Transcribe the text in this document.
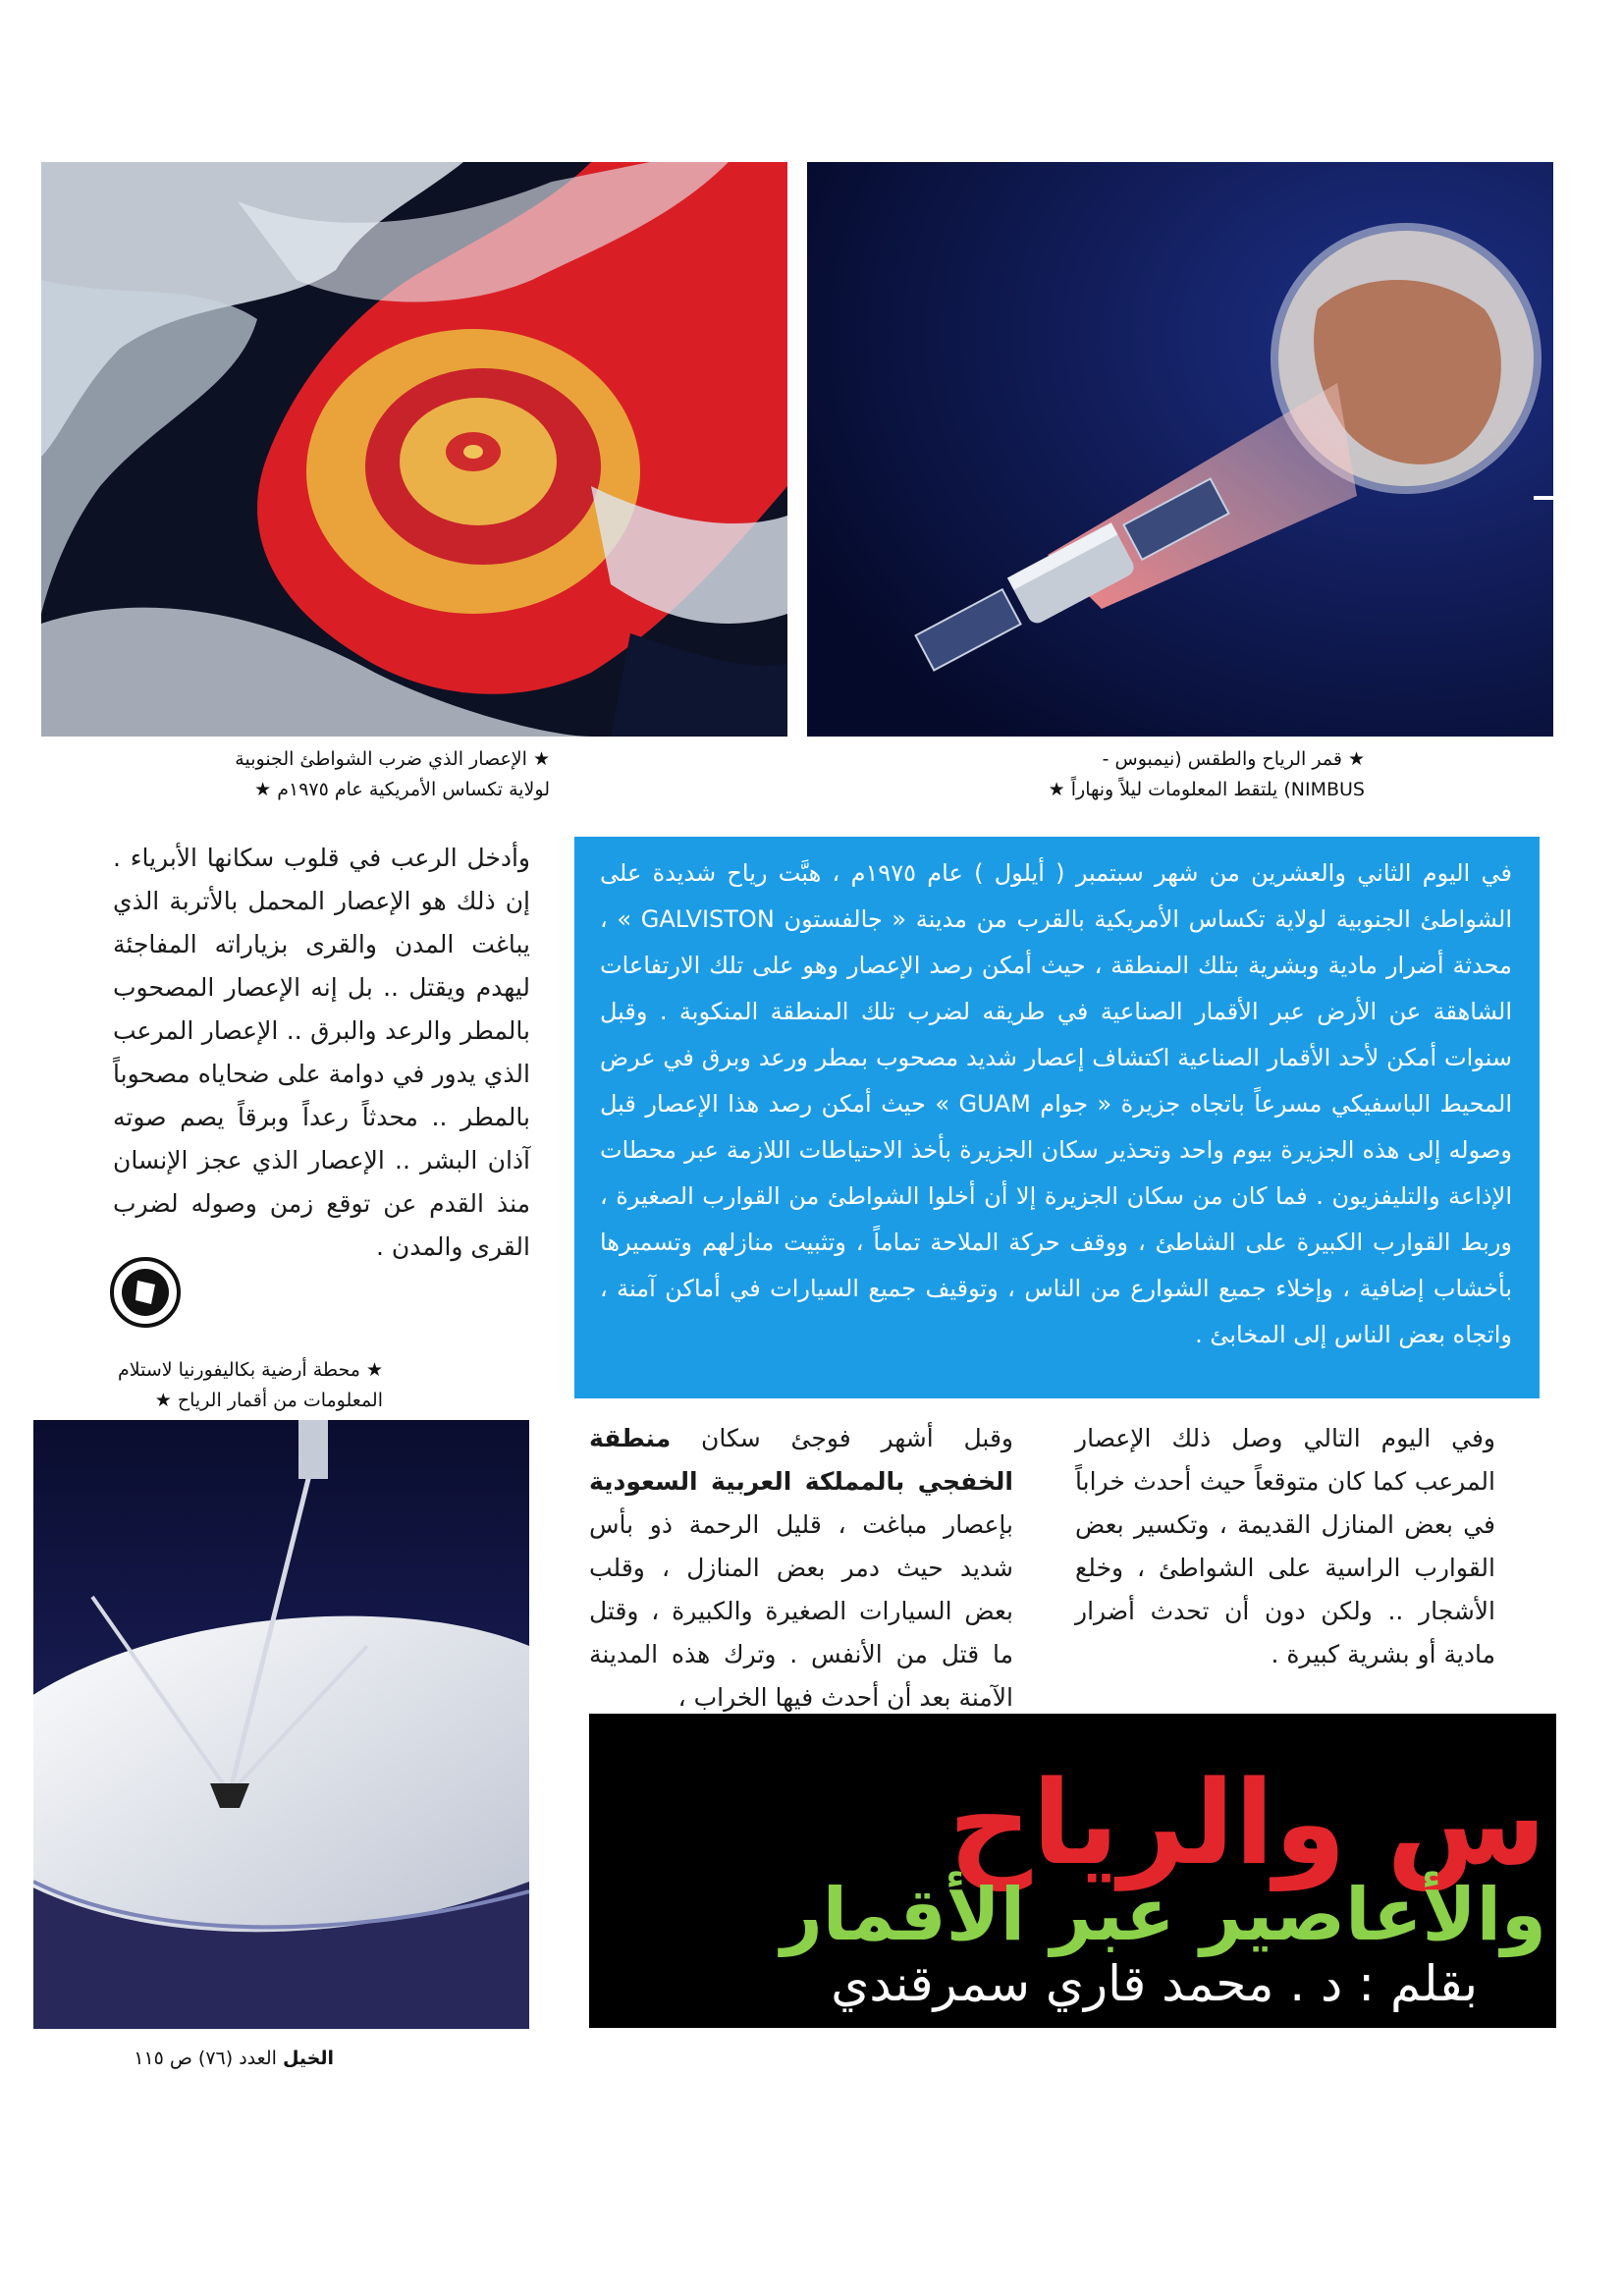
★ الإعصار الذي ضرب الشواطئ الجنوبية

لولاية تكساس الأمريكية عام ١٩٧٥م ★

★ قمر الرياح والطقس (نيمبوس -

NIMBUS) يلتقط المعلومات ليلاً ونهاراً ★

في اليوم الثاني والعشرين من شهر سبتمبر ( أيلول ) عام ١٩٧٥م ، هبَّت رياح شديدة على الشواطئ الجنوبية لولاية تكساس الأمريكية بالقرب من مدينة « جالفستون GALVISTON » ، محدثة أضرار مادية وبشرية بتلك المنطقة ، حيث أمكن رصد الإعصار وهو على تلك الارتفاعات الشاهقة عن الأرض عبر الأقمار الصناعية في طريقه لضرب تلك المنطقة المنكوبة . وقبل سنوات أمكن لأحد الأقمار الصناعية اكتشاف إعصار شديد مصحوب بمطر ورعد وبرق في عرض المحيط الباسفيكي مسرعاً باتجاه جزيرة « جوام GUAM » حيث أمكن رصد هذا الإعصار قبل وصوله إلى هذه الجزيرة بيوم واحد وتحذير سكان الجزيرة بأخذ الاحتياطات اللازمة عبر محطات الإذاعة والتليفزيون . فما كان من سكان الجزيرة إلا أن أخلوا الشواطئ من القوارب الصغيرة ، وربط القوارب الكبيرة على الشاطئ ، ووقف حركة الملاحة تماماً ، وتثبيت منازلهم وتسميرها بأخشاب إضافية ، وإخلاء جميع الشوارع من الناس ، وتوقيف جميع السيارات في أماكن آمنة ، واتجاه بعض الناس إلى المخابئ .

وأدخل الرعب في قلوب سكانها الأبرياء . إن ذلك هو الإعصار المحمل بالأتربة الذي يباغت المدن والقرى بزياراته المفاجئة ليهدم ويقتل .. بل إنه الإعصار المصحوب بالمطر والرعد والبرق .. الإعصار المرعب الذي يدور في دوامة على ضحاياه مصحوباً بالمطر .. محدثاً رعداً وبرقاً يصم صوته آذان البشر .. الإعصار الذي عجز الإنسان منذ القدم عن توقع زمن وصوله لضرب القرى والمدن .

★ محطة أرضية بكاليفورنيا لاستلام

المعلومات من أقمار الرياح ★

وفي اليوم التالي وصل ذلك الإعصار المرعب كما كان متوقعاً حيث أحدث خراباً في بعض المنازل القديمة ، وتكسير بعض القوارب الراسية على الشواطئ ، وخلع الأشجار .. ولكن دون أن تحدث أضرار مادية أو بشرية كبيرة .

وقبل أشهر فوجئ سكان منطقة الخفجي بالمملكة العربية السعودية بإعصار مباغت ، قليل الرحمة ذو بأس شديد حيث دمر بعض المنازل ، وقلب بعض السيارات الصغيرة والكبيرة ، وقتل ما قتل من الأنفس . وترك هذه المدينة الآمنة بعد أن أحدث فيها الخراب ،

س والرياح
والأعاصير عبر الأقمار
بقلم : د . محمد قاري سمرقندي
الخيل العدد (٧٦) ص ١١٥
